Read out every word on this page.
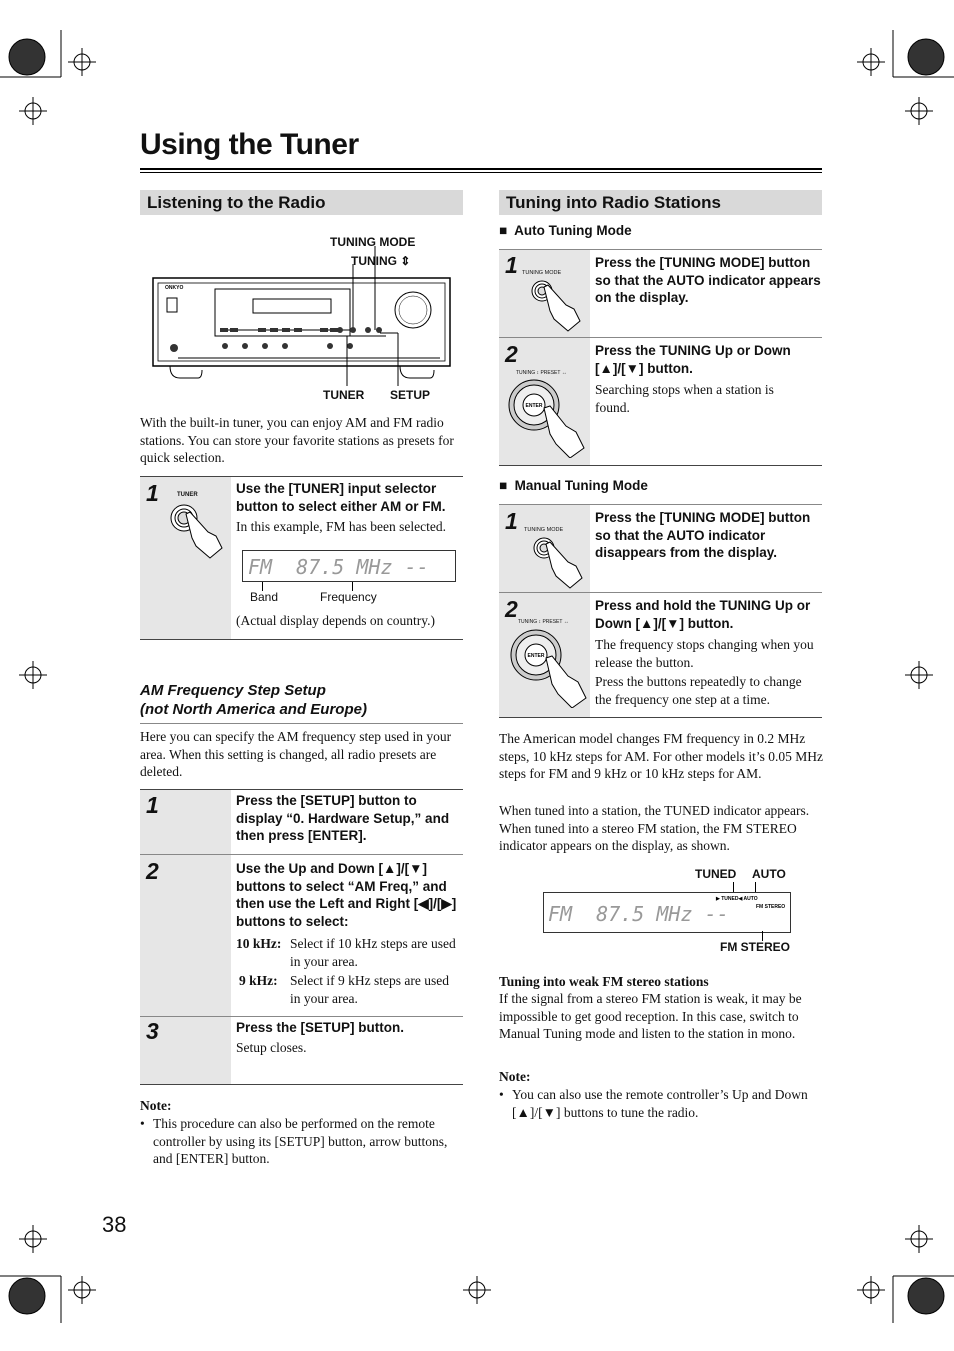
Using the Tuner
Listening to the Radio
TUNING MODE
TUNING ⇕
ONKYO
TUNER SETUP
With the built-in tuner, you can enjoy AM and FM radio stations. You can store your favorite stations as presets for quick selection.
1	TUNER	Use the [TUNER] input selector button to select either AM or FM.
In this example, FM has been selected.
FM  87.5 MHz --
Band	Frequency
(Actual display depends on country.)
AM Frequency Step Setup
(not North America and Europe)
Here you can specify the AM frequency step used in your area. When this setting is changed, all radio presets are deleted.
1	Press the [SETUP] button to display “0. Hardware Setup,” and then press [ENTER].
2	Use the Up and Down [▲]/[▼] buttons to select “AM Freq,” and then use the Left and Right [◀]/[▶] buttons to select:
10 kHz: Select if 10 kHz steps are used in your area.
9 kHz: Select if 9 kHz steps are used in your area.
3	Press the [SETUP] button.
Setup closes.
Note:
• This procedure can also be performed on the remote controller by using its [SETUP] button, arrow buttons, and [ENTER] button.
38
Tuning into Radio Stations
■ Auto Tuning Mode
1 TUNING MODE
Press the [TUNING MODE] button so that the AUTO indicator appears on the display.
2
TUNING ↕ PRESET ↔
ENTER
Press the TUNING Up or Down [▲]/[▼] button.
Searching stops when a station is found.
■ Manual Tuning Mode
1 TUNING MODE
Press the [TUNING MODE] button so that the AUTO indicator disappears from the display.
2 TUNING ↕ PRESET ↔
ENTER
Press and hold the TUNING Up or Down [▲]/[▼] button.
The frequency stops changing when you release the button.
Press the buttons repeatedly to change the frequency one step at a time.
The American model changes FM frequency in 0.2 MHz steps, 10 kHz steps for AM. For other models it’s 0.05 MHz steps for FM and 9 kHz or 10 kHz steps for AM.
When tuned into a station, the TUNED indicator appears. When tuned into a stereo FM station, the FM STEREO indicator appears on the display, as shown.
TUNED AUTO
FM  87.5 MHz --
▶ TUNED◀ AUTO
FM STEREO
FM STEREO
Tuning into weak FM stereo stations
If the signal from a stereo FM station is weak, it may be impossible to get good reception. In this case, switch to Manual Tuning mode and listen to the station in mono.
Note:
• You can also use the remote controller’s Up and Down [▲]/[▼] buttons to tune the radio.
